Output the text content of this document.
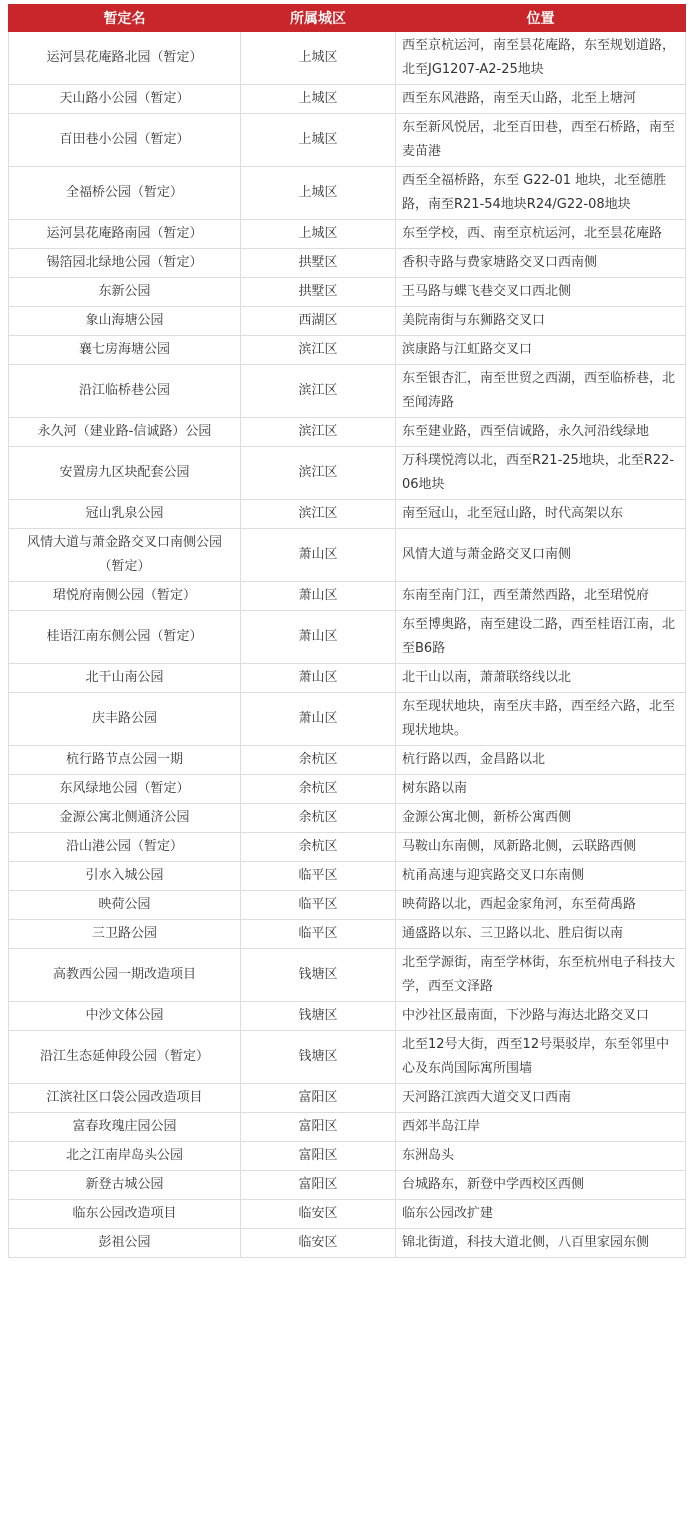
暂定名	所属城区	位置
运河昙花庵路北园（暂定）	上城区	西至京杭运河，南至昙花庵路，东至规划道路，北至JG1207-A2-25地块
天山路小公园（暂定）	上城区	西至东风港路，南至天山路，北至上塘河
百田巷小公园（暂定）	上城区	东至新风悦居，北至百田巷，西至石桥路，南至麦苗港
全福桥公园（暂定）	上城区	西至全福桥路，东至 G22-01 地块，北至德胜路，南至R21-54地块R24/G22-08地块
运河昙花庵路南园（暂定）	上城区	东至学校，西、南至京杭运河，北至昙花庵路
锡箔园北绿地公园（暂定）	拱墅区	香积寺路与费家塘路交叉口西南侧
东新公园	拱墅区	王马路与蝶飞巷交叉口西北侧
象山海塘公园	西湖区	美院南街与东狮路交叉口
襄七房海塘公园	滨江区	滨康路与江虹路交叉口
沿江临桥巷公园	滨江区	东至银杏汇，南至世贸之西湖，西至临桥巷，北至闻涛路
永久河（建业路-信诚路）公园	滨江区	东至建业路，西至信诚路，永久河沿线绿地
安置房九区块配套公园	滨江区	万科璞悦湾以北，西至R21-25地块，北至R22-06地块
冠山乳泉公园	滨江区	南至冠山，北至冠山路，时代高架以东
风情大道与萧金路交叉口南侧公园（暂定）	萧山区	风情大道与萧金路交叉口南侧
珺悦府南侧公园（暂定）	萧山区	东南至南门江，西至萧然西路，北至珺悦府
桂语江南东侧公园（暂定）	萧山区	东至博奥路，南至建设二路，西至桂语江南，北至B6路
北干山南公园	萧山区	北干山以南，萧萧联络线以北
庆丰路公园	萧山区	东至现状地块，南至庆丰路，西至经六路，北至现状地块。
杭行路节点公园一期	余杭区	杭行路以西，金昌路以北
东风绿地公园（暂定）	余杭区	树东路以南
金源公寓北侧通济公园	余杭区	金源公寓北侧，新桥公寓西侧
沿山港公园（暂定）	余杭区	马鞍山东南侧，凤新路北侧，云联路西侧
引水入城公园	临平区	杭甬高速与迎宾路交叉口东南侧
映荷公园	临平区	映荷路以北，西起金家角河，东至荷禹路
三卫路公园	临平区	通盛路以东、三卫路以北、胜启街以南
高教西公园一期改造项目	钱塘区	北至学源街，南至学林街，东至杭州电子科技大学，西至文泽路
中沙文体公园	钱塘区	中沙社区最南面，下沙路与海达北路交叉口
沿江生态延伸段公园（暂定）	钱塘区	北至12号大街，西至12号渠驳岸，东至邻里中心及东尚国际寓所围墙
江滨社区口袋公园改造项目	富阳区	天河路江滨西大道交叉口西南
富春玫瑰庄园公园	富阳区	西郊半岛江岸
北之江南岸岛头公园	富阳区	东洲岛头
新登古城公园	富阳区	台城路东，新登中学西校区西侧
临东公园改造项目	临安区	临东公园改扩建
彭祖公园	临安区	锦北街道，科技大道北侧，八百里家园东侧
